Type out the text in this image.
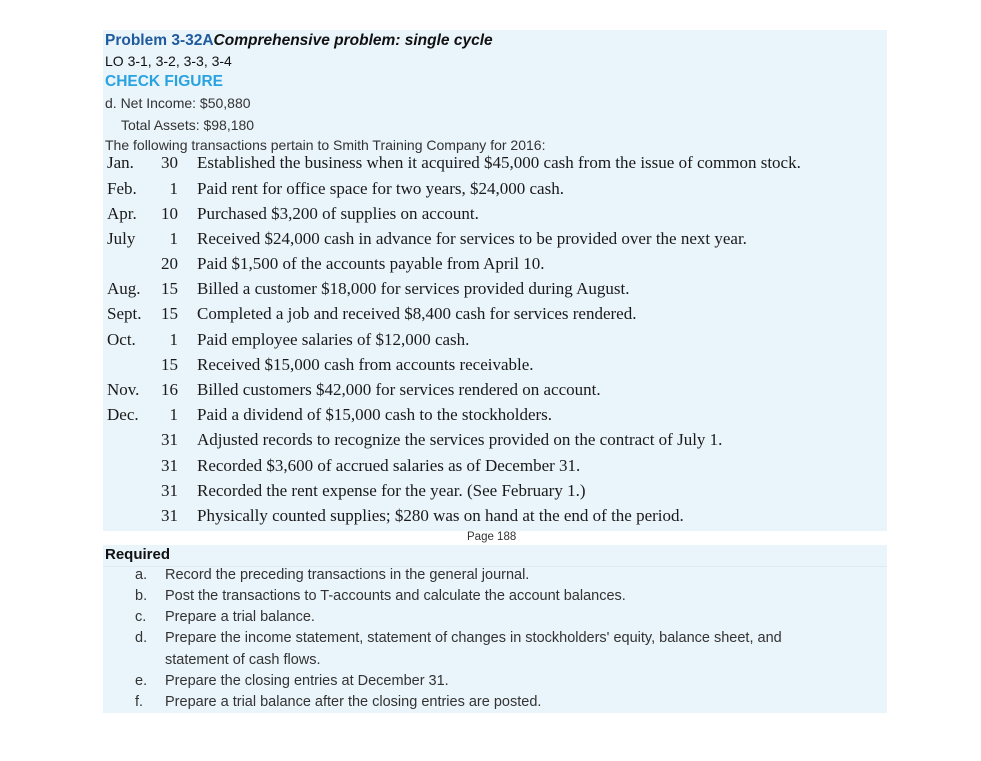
Problem 3-32AComprehensive problem: single cycle
LO 3-1, 3-2, 3-3, 3-4
CHECK FIGURE
d. Net Income: $50,880
Total Assets: $98,180
The following transactions pertain to Smith Training Company for 2016:
Jan.	30 Established the business when it acquired $45,000 cash from the issue of common stock.
Feb.	1 Paid rent for office space for two years, $24,000 cash.
Apr.	10 Purchased $3,200 of supplies on account.
July	1 Received $24,000 cash in advance for services to be provided over the next year.
20 Paid $1,500 of the accounts payable from April 10.
Aug.	15 Billed a customer $18,000 for services provided during August.
Sept.	15 Completed a job and received $8,400 cash for services rendered.
Oct.	1 Paid employee salaries of $12,000 cash.
15 Received $15,000 cash from accounts receivable.
Nov.	16 Billed customers $42,000 for services rendered on account.
Dec.	1 Paid a dividend of $15,000 cash to the stockholders.
31 Adjusted records to recognize the services provided on the contract of July 1.
31 Recorded $3,600 of accrued salaries as of December 31.
31 Recorded the rent expense for the year. (See February 1.)
31 Physically counted supplies; $280 was on hand at the end of the period.
Page 188
Required
a. Record the preceding transactions in the general journal.
b. Post the transactions to T-accounts and calculate the account balances.
c. Prepare a trial balance.
d. Prepare the income statement, statement of changes in stockholders' equity, balance sheet, and
statement of cash flows.
e. Prepare the closing entries at December 31.
f. Prepare a trial balance after the closing entries are posted.
